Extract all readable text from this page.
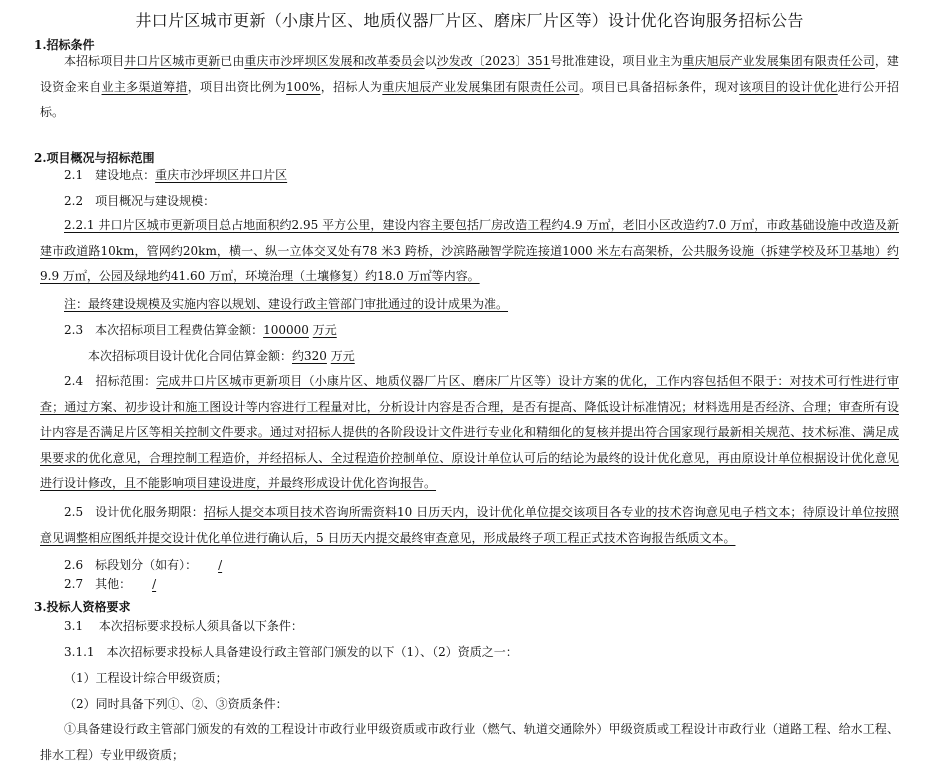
井口片区城市更新（小康片区、地质仪器厂片区、磨床厂片区等）设计优化咨询服务招标公告
1.招标条件
本招标项目井口片区城市更新已由重庆市沙坪坝区发展和改革委员会以沙发改〔2023〕351号批准建设，项目业主为重庆旭辰产业发展集团有限责任公司，建设资金来自业主多渠道筹措，项目出资比例为100%，招标人为重庆旭辰产业发展集团有限责任公司。项目已具备招标条件，现对该项目的设计优化进行公开招标。
2.项目概况与招标范围
2.1　建设地点：重庆市沙坪坝区井口片区
2.2　项目概况与建设规模：
2.2.1 井口片区城市更新项目总占地面积约2.95 平方公里，建设内容主要包括厂房改造工程约4.9 万㎡，老旧小区改造约7.0 万㎡，市政基础设施中改造及新建市政道路10km，管网约20km，横一、纵一立体交叉处有78 米3 跨桥，沙滨路融智学院连接道1000 米左右高架桥，公共服务设施（拆建学校及环卫基地）约9.9 万㎡，公园及绿地约41.60 万㎡，环境治理（土壤修复）约18.0 万㎡等内容。
注：最终建设规模及实施内容以规划、建设行政主管部门审批通过的设计成果为准。
2.3　本次招标项目工程费估算金额：100000 万元
本次招标项目设计优化合同估算金额：约320 万元
2.4　招标范围：完成井口片区城市更新项目（小康片区、地质仪器厂片区、磨床厂片区等）设计方案的优化，工作内容包括但不限于：对技术可行性进行审查；通过方案、初步设计和施工图设计等内容进行工程量对比，分析设计内容是否合理，是否有提高、降低设计标准情况；材料选用是否经济、合理；审查所有设计内容是否满足片区等相关控制文件要求。通过对招标人提供的各阶段设计文件进行专业化和精细化的复核并提出符合国家现行最新相关规范、技术标准、满足成果要求的优化意见，合理控制工程造价，并经招标人、全过程造价控制单位、原设计单位认可后的结论为最终的设计优化意见，再由原设计单位根据设计优化意见进行设计修改，且不能影响项目建设进度，并最终形成设计优化咨询报告。
2.5　设计优化服务期限：招标人提交本项目技术咨询所需资料10 日历天内，设计优化单位提交该项目各专业的技术咨询意见电子档文本；待原设计单位按照意见调整相应图纸并提交设计优化单位进行确认后，5 日历天内提交最终审查意见，形成最终子项工程正式技术咨询报告纸质文本。
2.6　标段划分（如有）： /
2.7　其他： /
3.投标人资格要求
3.1　 本次招标要求投标人须具备以下条件：
3.1.1　本次招标要求投标人具备建设行政主管部门颁发的以下（1）、（2）资质之一：
（1）工程设计综合甲级资质；
（2）同时具备下列①、②、③资质条件：
①具备建设行政主管部门颁发的有效的工程设计市政行业甲级资质或市政行业（燃气、轨道交通除外）甲级资质或工程设计市政行业（道路工程、给水工程、排水工程）专业甲级资质；
